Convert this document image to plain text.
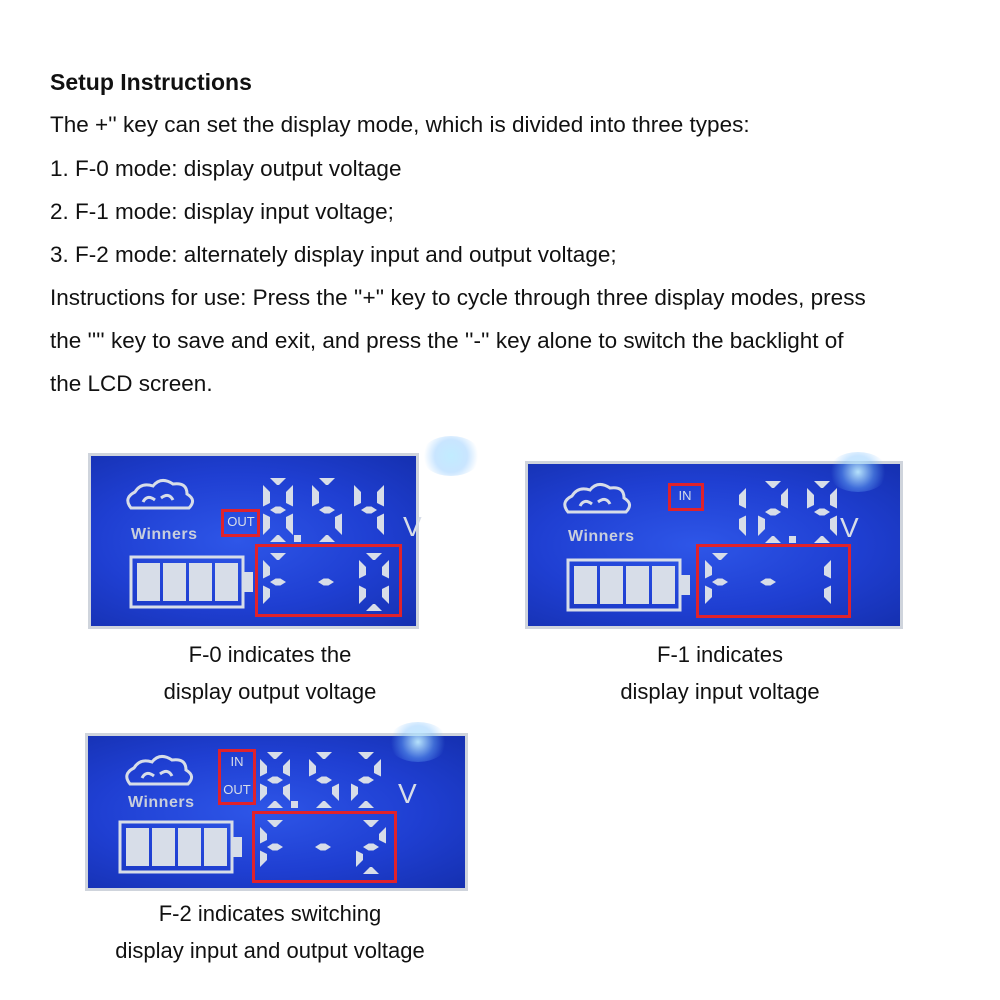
Setup Instructions

The +'' key can set the display mode, which is divided into three types:

1. F-0 mode: display output voltage

2. F-1 mode: display input voltage;

3. F-2 mode: alternately display input and output voltage;

Instructions for use: Press the ''+'' key to cycle through three display modes, press

the '''' key to save and exit, and press the ''-'' key alone to switch the backlight of

the LCD screen.

Winners
OUT	V
F-0 indicates the
display output voltage
Winners
IN
V
F-1 indicates
display input voltage
Winners
IN
OUT	V
F-2 indicates switching
display input and output voltage
